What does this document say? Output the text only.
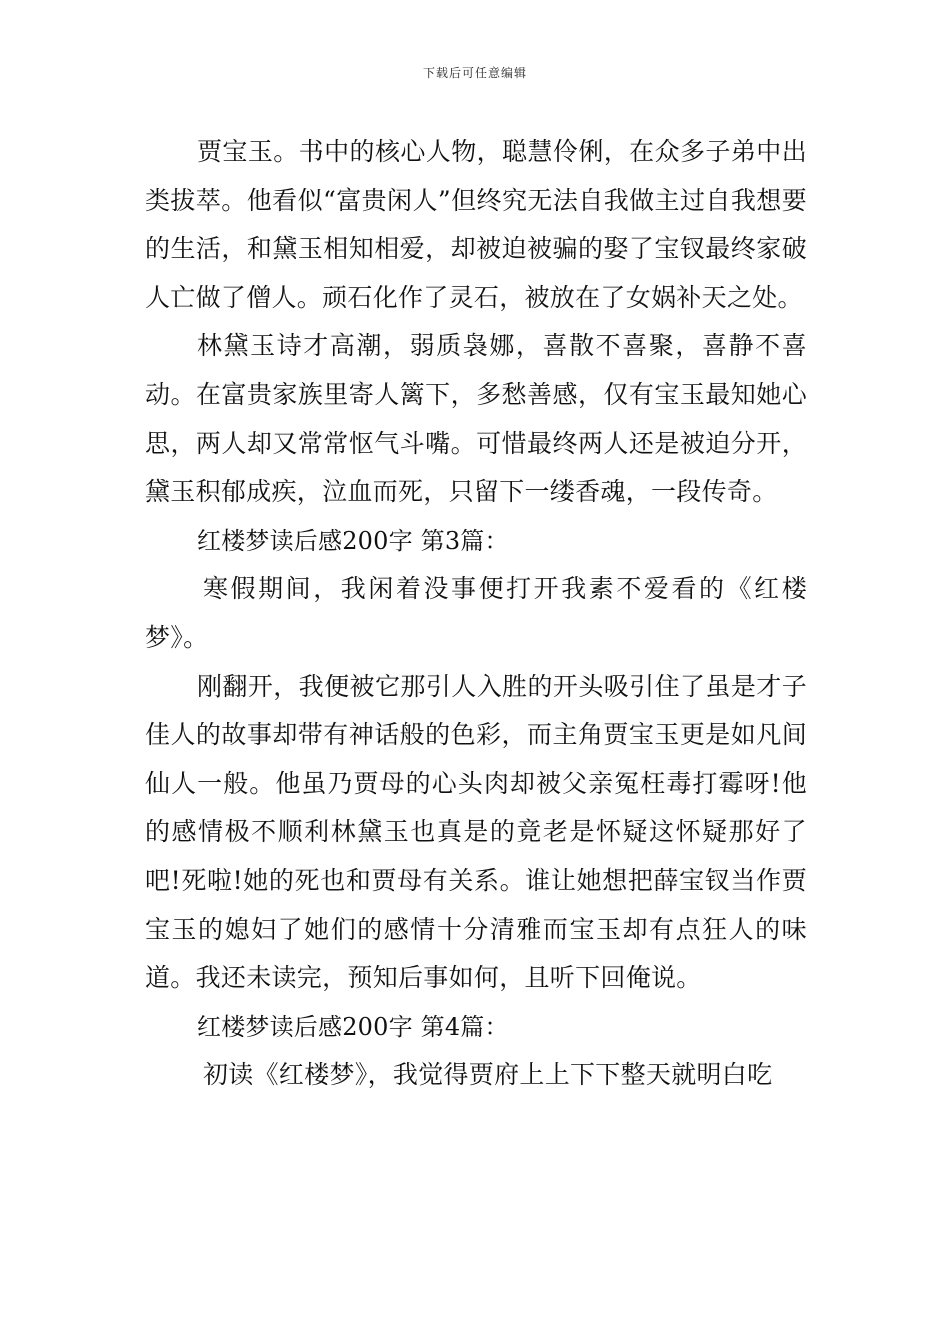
下载后可任意编辑

贾宝玉。书中的核心人物，聪慧伶俐，在众多子弟中出类拔萃。他看似“富贵闲人”但终究无法自我做主过自我想要的生活，和黛玉相知相爱，却被迫被骗的娶了宝钗最终家破人亡做了僧人。顽石化作了灵石，被放在了女娲补天之处。

林黛玉诗才高潮，弱质袅娜，喜散不喜聚，喜静不喜动。在富贵家族里寄人篱下，多愁善感，仅有宝玉最知她心思，两人却又常常怄气斗嘴。可惜最终两人还是被迫分开，黛玉积郁成疾，泣血而死，只留下一缕香魂，一段传奇。

红楼梦读后感200字 第3篇：

寒假期间，我闲着没事便打开我素不爱看的《红楼梦》。

刚翻开，我便被它那引人入胜的开头吸引住了虽是才子佳人的故事却带有神话般的色彩，而主角贾宝玉更是如凡间仙人一般。他虽乃贾母的心头肉却被父亲冤枉毒打霉呀!他的感情极不顺利林黛玉也真是的竟老是怀疑这怀疑那好了吧!死啦!她的死也和贾母有关系。谁让她想把薛宝钗当作贾宝玉的媳妇了她们的感情十分清雅而宝玉却有点狂人的味道。我还未读完，预知后事如何，且听下回俺说。

红楼梦读后感200字 第4篇：

初读《红楼梦》，我觉得贾府上上下下整天就明白吃
